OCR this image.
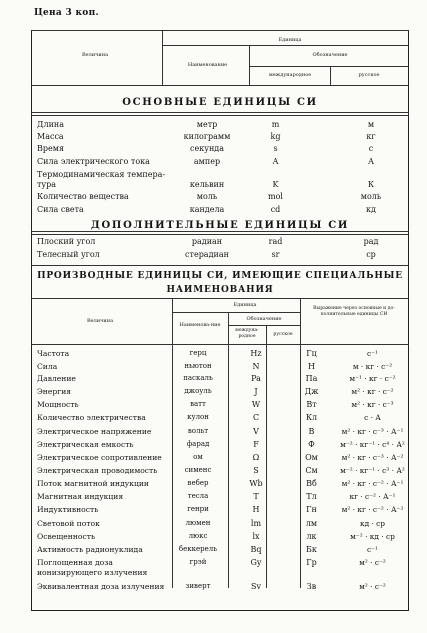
Цена 3 коп.
Величина
Единица
Наименование
Обозначение
международное	русское
ОСНОВНЫЕ ЕДИНИЦЫ СИ
Длина	метр	m	м
Масса	килограмм	kg	кг
Время	секунда	s	с
Сила электрического тока	ампер	A	А
Термодинамическая темпера-
тура	кельвин	K	К
Количество вещества	моль	mol	моль
Сила света	кандела	cd	кд
ДОПОЛНИТЕЛЬНЫЕ ЕДИНИЦЫ СИ
Плоский угол	радиан	rad	рад
Телесный угол	стерадиан	sr	ср
ПРОИЗВОДНЫЕ ЕДИНИЦЫ СИ, ИМЕЮЩИЕ СПЕЦИАЛЬНЫЕ
НАИМЕНОВАНИЯ
Величина
Единица
Наименова-ние
Обозначение
междуна-родное	русское
Выражение через основные и до-полнительные единицы СИ
Частота	герц	Hz	Гц	с⁻¹
Сила	ньютон	N	Н	м · кг · с⁻²
Давление	паскаль	Pa	Па	м⁻¹ · кг · с⁻²
Энергия	джоуль	J	Дж	м² · кг · с⁻²
Мощность	ватт	W	Вт	м² · кг · с⁻³
Количество электричества	кулон	C	Кл	с · А
Электрическое напряжение	вольт	V	В	м² · кг · с⁻³ · А⁻¹
Электрическая емкость	фарад	F	Ф	м⁻² · кг⁻¹ · с⁴ · А²
Электрическое сопротивление	ом	Ω	Ом	м² · кг · с⁻³ · А⁻²
Электрическая проводимость	сименс	S	См	м⁻² · кг⁻¹ · с³ · А²
Поток магнитной индукции	вебер	Wb	Вб	м² · кг · с⁻² · А⁻¹
Магнитная индукция	тесла	T	Тл	кг · с⁻² · А⁻¹
Индуктивность	генри	H	Гн	м² · кг · с⁻² · А⁻²
Световой поток	люмен	lm	лм	кд · ср
Освещенность	люкс	lx	лк	м⁻² · кд · ср
Активность радионуклида	беккерель	Bq	Бк	с⁻¹
Поглощенная доза	грэй	Gy	Гр	м² · с⁻²
ионизирующего излучения
Эквивалентная доза излучения	зиверт	Sv	Зв	м² · с⁻²
